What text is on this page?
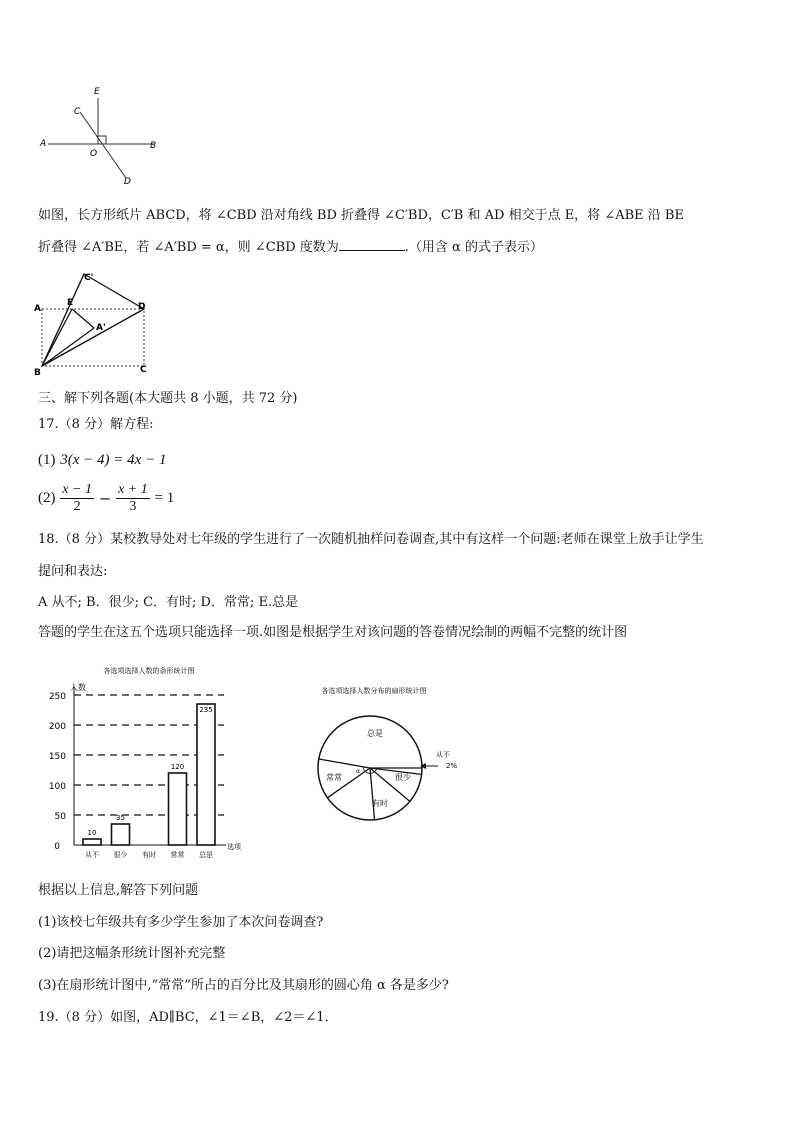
E
C
A	B
O
D
如图，长方形纸片 ABCD，将 ∠CBD 沿对角线 BD 折叠得 ∠C′BD，C′B 和 AD 相交于点 E，将 ∠ABE 沿 BE
折叠得 ∠A′BE，若 ∠A′BD = α，则 ∠CBD 度数为	.（用含 α 的式子表示）
C'
A
E	D
A'
B	C
三、解下列各题(本大题共 8 小题，共 72 分)
17.（8 分）解方程:
(1) 3(x − 4) = 4x − 1
$(2) \frac{x - 1}{2} - \frac{x + 1}{3} = 1$
18.（8 分）某校教导处对七年级的学生进行了一次随机抽样问卷调查,其中有这样一个问题:老师在课堂上放手让学生
提问和表达:
A 从不; B．很少; C．有时; D．常常; E.总是
答题的学生在这五个选项只能选择一项.如图是根据学生对该问题的答卷情况绘制的两幅不完整的统计图
各选项选择人数的条形统计图
人数
0
50
100
150
200
250
选项
从不
10
很少
35
有时 常常
120
总是
235
各选项选择人数分布的扇形统计图
α
总是
常常
有时
很少
从不
2%
根据以上信息,解答下列问题
(1)该校七年级共有多少学生参加了本次问卷调查?
(2)请把这幅条形统计图补充完整
(3)在扇形统计图中,“常常”所占的百分比及其扇形的圆心角 α 各是多少?
19.（8 分）如图，AD∥BC，∠1＝∠B，∠2＝∠1．
